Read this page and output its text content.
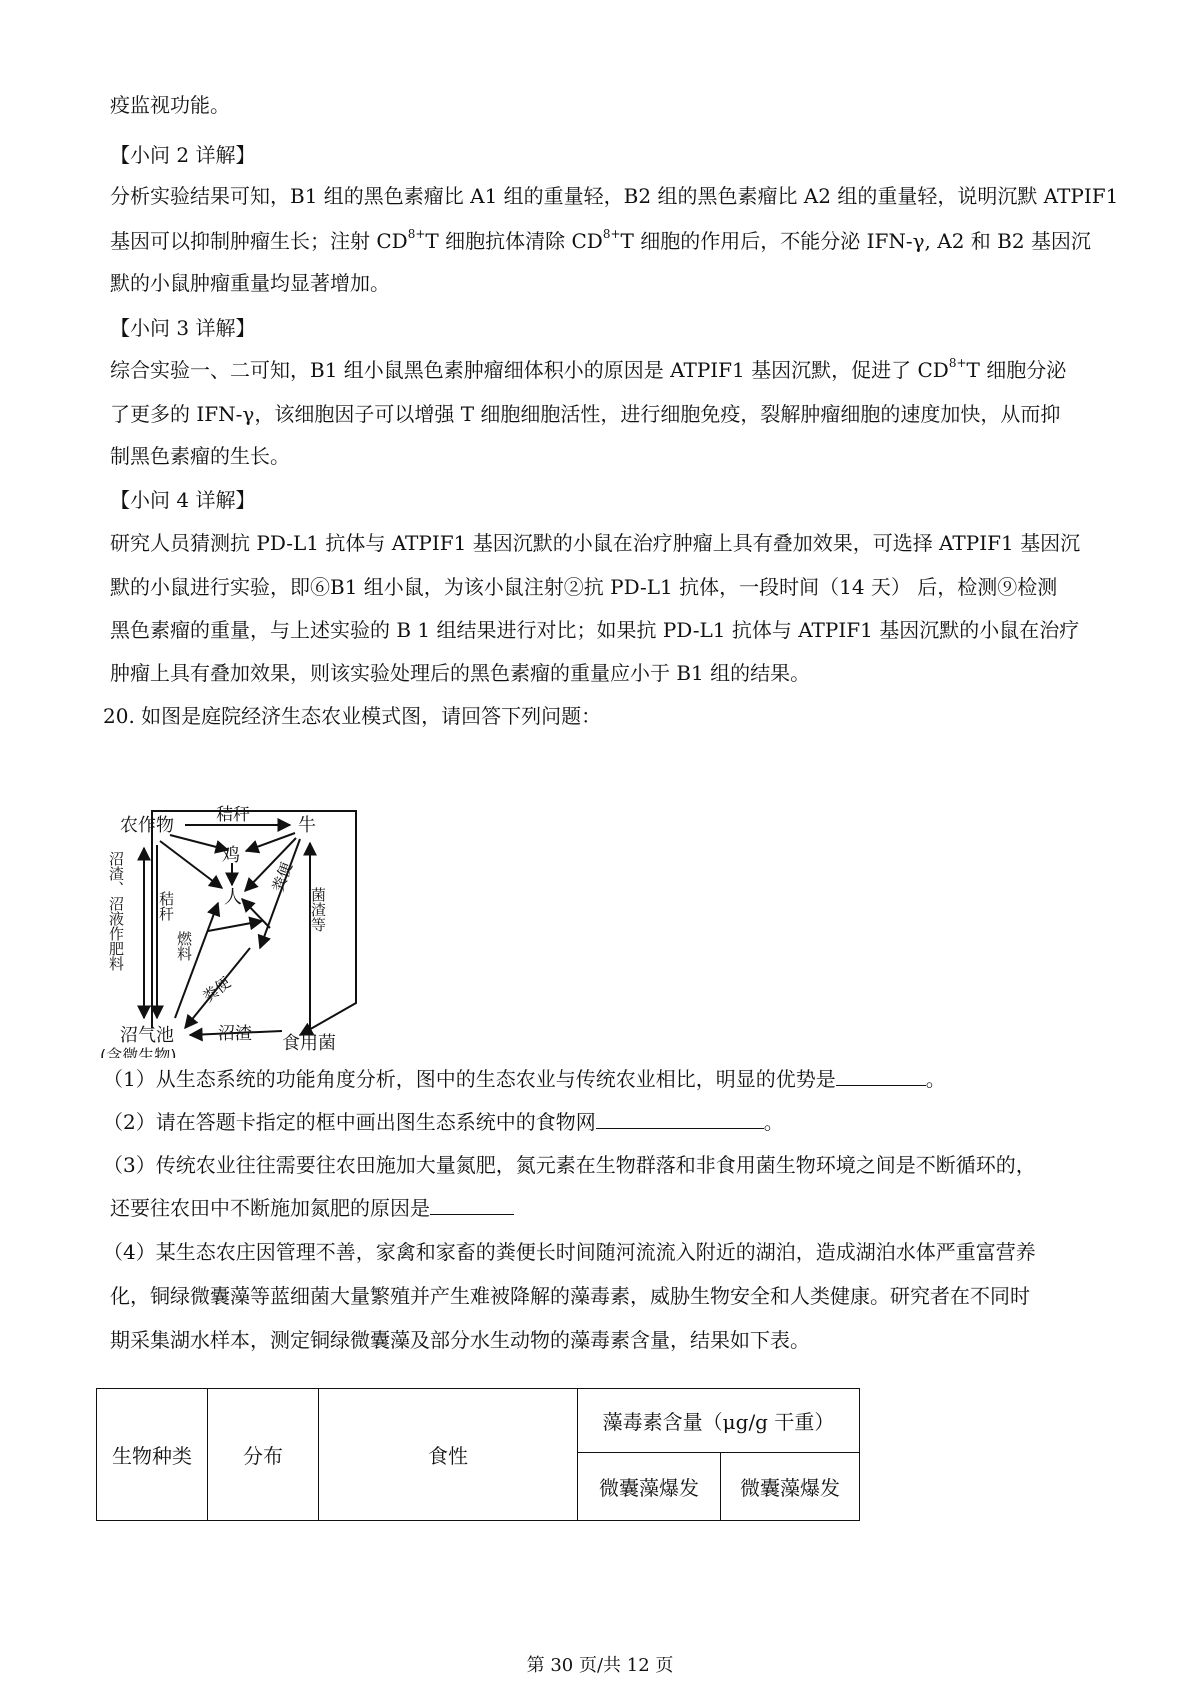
疫监视功能。
【小问 2 详解】
分析实验结果可知，B1 组的黑色素瘤比 A1 组的重量轻，B2 组的黑色素瘤比 A2 组的重量轻，说明沉默 ATPIF1
基因可以抑制肿瘤生长；注射 $CD^{8+}T$ 细胞抗体清除 $CD^{8+}T$ 细胞的作用后，不能分泌 IFN-γ, A2 和 B2 基因沉
默的小鼠肿瘤重量均显著增加。
【小问 3 详解】
综合实验一、二可知，B1 组小鼠黑色素肿瘤细体积小的原因是 ATPIF1 基因沉默，促进了 $CD^{8+}T$ 细胞分泌
了更多的 IFN-γ，该细胞因子可以增强 T 细胞细胞活性，进行细胞免疫，裂解肿瘤细胞的速度加快，从而抑
制黑色素瘤的生长。
【小问 4 详解】
研究人员猜测抗 PD-L1 抗体与 ATPIF1 基因沉默的小鼠在治疗肿瘤上具有叠加效果，可选择 ATPIF1 基因沉
默的小鼠进行实验，即⑥B1 组小鼠，为该小鼠注射②抗 PD-L1 抗体，一段时间（14 天） 后，检测⑨检测
黑色素瘤的重量，与上述实验的 B 1 组结果进行对比；如果抗 PD-L1 抗体与 ATPIF1 基因沉默的小鼠在治疗
肿瘤上具有叠加效果，则该实验处理后的黑色素瘤的重量应小于 B1 组的结果。
20. 如图是庭院经济生态农业模式图，请回答下列问题：
农作物	牛
鸡
人
沼气池
(含微生物)
食用菌
秸秆
沼渣
沼渣、沼液作肥料 秸秆
燃料
菌渣等
粪便
粪便
（1）从生态系统的功能角度分析，图中的生态农业与传统农业相比，明显的优势是	。
（2）请在答题卡指定的框中画出图生态系统中的食物网	。
（3）传统农业往往需要往农田施加大量氮肥，氮元素在生物群落和非食用菌生物环境之间是不断循环的，
还要往农田中不断施加氮肥的原因是
（4）某生态农庄因管理不善，家禽和家畜的粪便长时间随河流流入附近的湖泊，造成湖泊水体严重富营养
化，铜绿微囊藻等蓝细菌大量繁殖并产生难被降解的藻毒素，威胁生物安全和人类健康。研究者在不同时
期采集湖水样本，测定铜绿微囊藻及部分水生动物的藻毒素含量，结果如下表。
生物种类	分布	食性	藻毒素含量（μg/g 干重）	
			微囊藻爆发	微囊藻爆发
第 30 页/共 12 页
